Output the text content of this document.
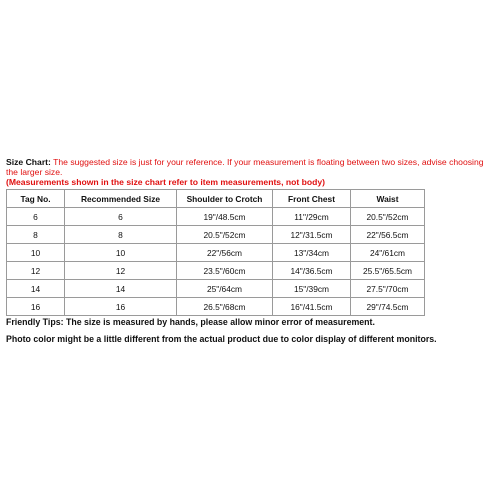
Size Chart: The suggested size is just for your reference. If your measurement is floating between two sizes, advise choosing the larger size.
(Measurements shown in the size chart refer to item measurements, not body)
Tag No.	Recommended Size	Shoulder to Crotch	Front Chest	Waist
6	6	19"/48.5cm	11"/29cm	20.5"/52cm
8	8	20.5"/52cm	12"/31.5cm	22"/56.5cm
10	10	22"/56cm	13"/34cm	24"/61cm
12	12	23.5"/60cm	14"/36.5cm	25.5"/65.5cm
14	14	25"/64cm	15"/39cm	27.5"/70cm
16	16	26.5"/68cm	16"/41.5cm	29"/74.5cm
Friendly Tips: The size is measured by hands, please allow minor error of measurement.
Photo color might be a little different from the actual product due to color display of different monitors.
